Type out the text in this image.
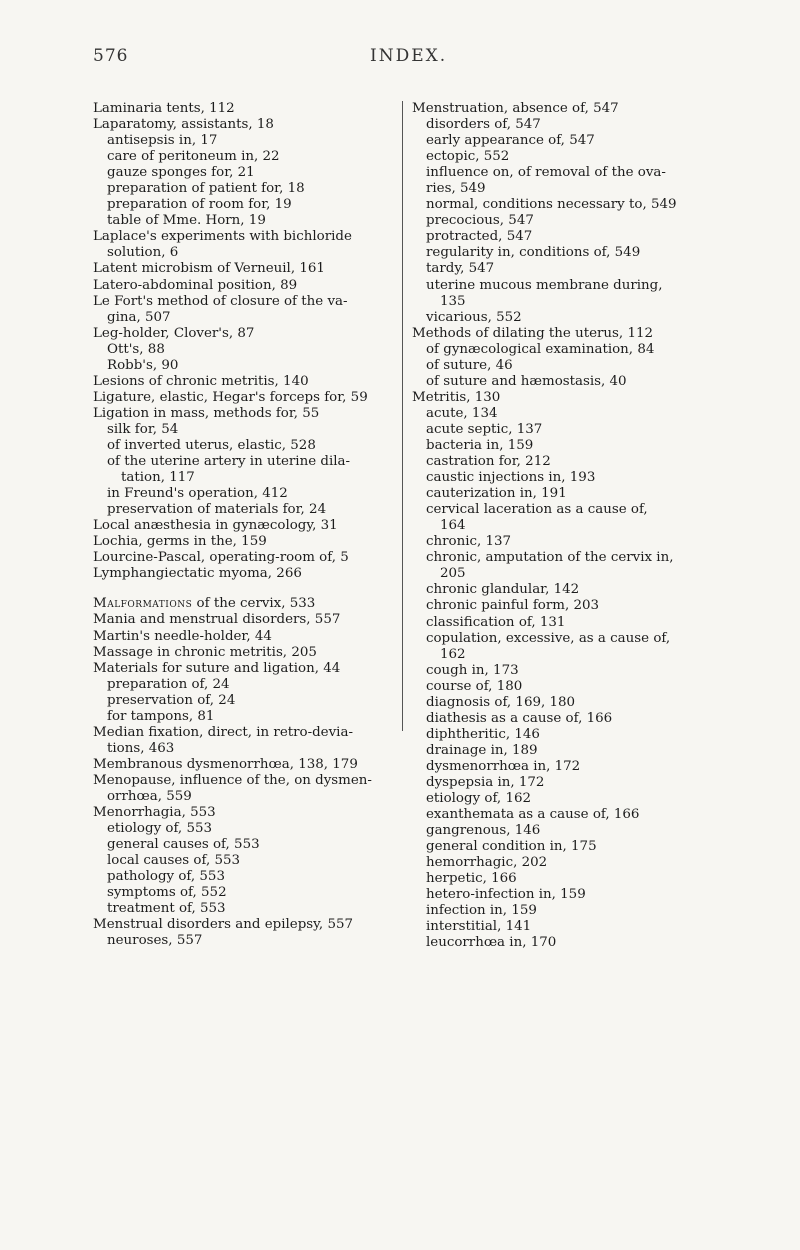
576	INDEX.
Laminaria tents, 112
Laparatomy, assistants, 18
antisepsis in, 17
care of peritoneum in, 22
gauze sponges for, 21
preparation of patient for, 18
preparation of room for, 19
table of Mme. Horn, 19
Laplace's experiments with bichloride
solution, 6
Latent microbism of Verneuil, 161
Latero-abdominal position, 89
Le Fort's method of closure of the va-
gina, 507
Leg-holder, Clover's, 87
Ott's, 88
Robb's, 90
Lesions of chronic metritis, 140
Ligature, elastic, Hegar's forceps for, 59
Ligation in mass, methods for, 55
silk for, 54
of inverted uterus, elastic, 528
of the uterine artery in uterine dila-
tation, 117
in Freund's operation, 412
preservation of materials for, 24
Local anæsthesia in gynæcology, 31
Lochia, germs in the, 159
Lourcine-Pascal, operating-room of, 5
Lymphangiectatic myoma, 266
Malformations of the cervix, 533
Mania and menstrual disorders, 557
Martin's needle-holder, 44
Massage in chronic metritis, 205
Materials for suture and ligation, 44
preparation of, 24
preservation of, 24
for tampons, 81
Median fixation, direct, in retro-devia-
tions, 463
Membranous dysmenorrhœa, 138, 179
Menopause, influence of the, on dysmen-
orrhœa, 559
Menorrhagia, 553
etiology of, 553
general causes of, 553
local causes of, 553
pathology of, 553
symptoms of, 552
treatment of, 553
Menstrual disorders and epilepsy, 557
neuroses, 557
Menstruation, absence of, 547
disorders of, 547
early appearance of, 547
ectopic, 552
influence on, of removal of the ova-
ries, 549
normal, conditions necessary to, 549
precocious, 547
protracted, 547
regularity in, conditions of, 549
tardy, 547
uterine mucous membrane during,
135
vicarious, 552
Methods of dilating the uterus, 112
of gynæcological examination, 84
of suture, 46
of suture and hæmostasis, 40
Metritis, 130
acute, 134
acute septic, 137
bacteria in, 159
castration for, 212
caustic injections in, 193
cauterization in, 191
cervical laceration as a cause of,
164
chronic, 137
chronic, amputation of the cervix in,
205
chronic glandular, 142
chronic painful form, 203
classification of, 131
copulation, excessive, as a cause of,
162
cough in, 173
course of, 180
diagnosis of, 169, 180
diathesis as a cause of, 166
diphtheritic, 146
drainage in, 189
dysmenorrhœa in, 172
dyspepsia in, 172
etiology of, 162
exanthemata as a cause of, 166
gangrenous, 146
general condition in, 175
hemorrhagic, 202
herpetic, 166
hetero-infection in, 159
infection in, 159
interstitial, 141
leucorrhœa in, 170
